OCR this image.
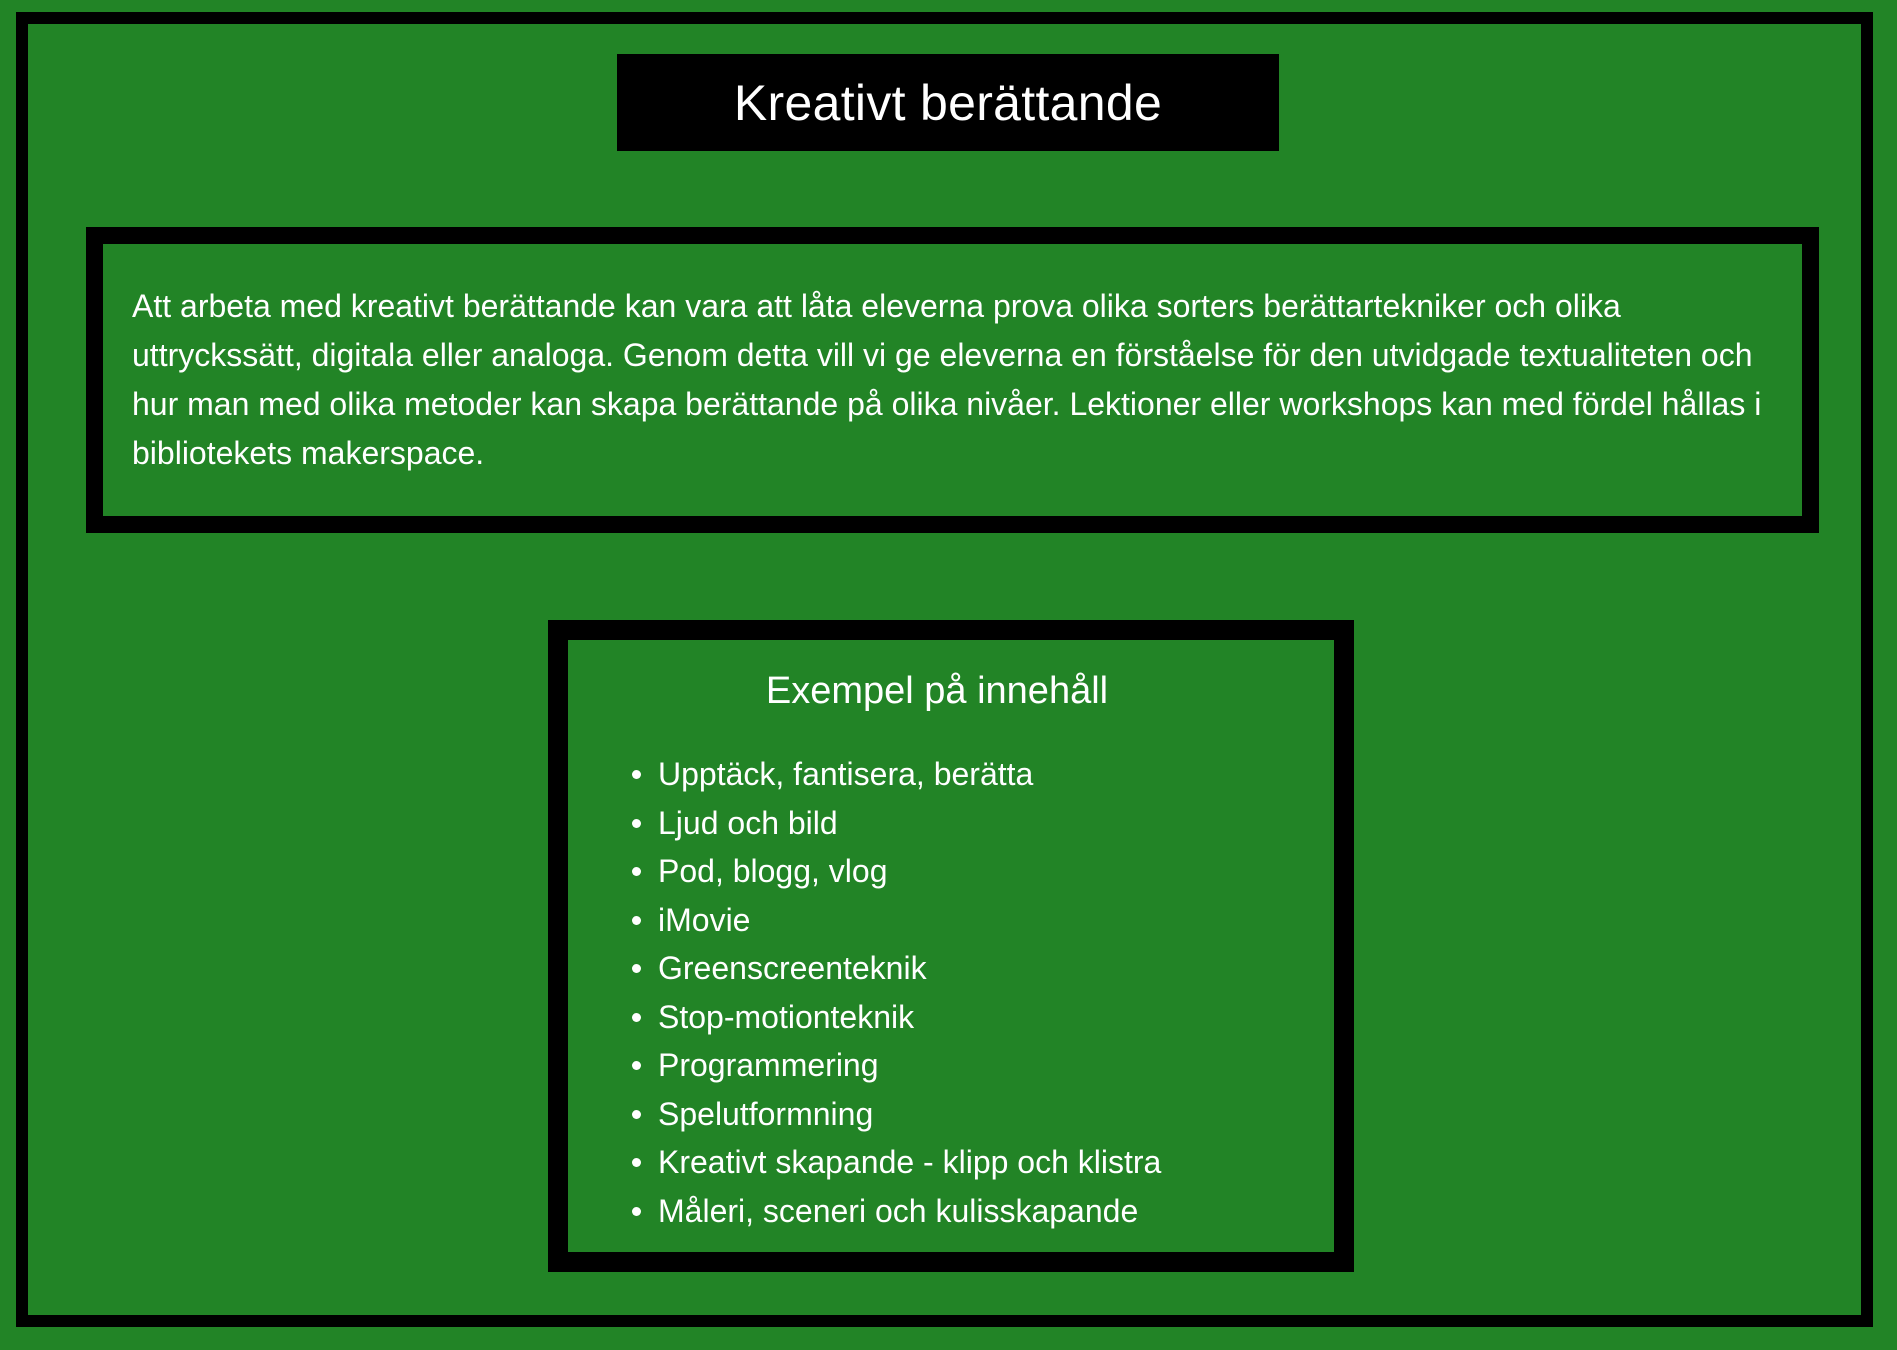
Kreativt berättande

Att arbeta med kreativt berättande kan vara att låta eleverna prova olika sorters berättartekniker och olika uttryckssätt, digitala eller analoga. Genom detta vill vi ge eleverna en förståelse för den utvidgade textualiteten och hur man med olika metoder kan skapa berättande på olika nivåer. Lektioner eller workshops kan med fördel hållas i bibliotekets makerspace.

Exempel på innehåll
Upptäck, fantisera, berätta
Ljud och bild
Pod, blogg, vlog
iMovie
Greenscreenteknik
Stop-motionteknik
Programmering
Spelutformning
Kreativt skapande - klipp och klistra
Måleri, sceneri och kulisskapande
